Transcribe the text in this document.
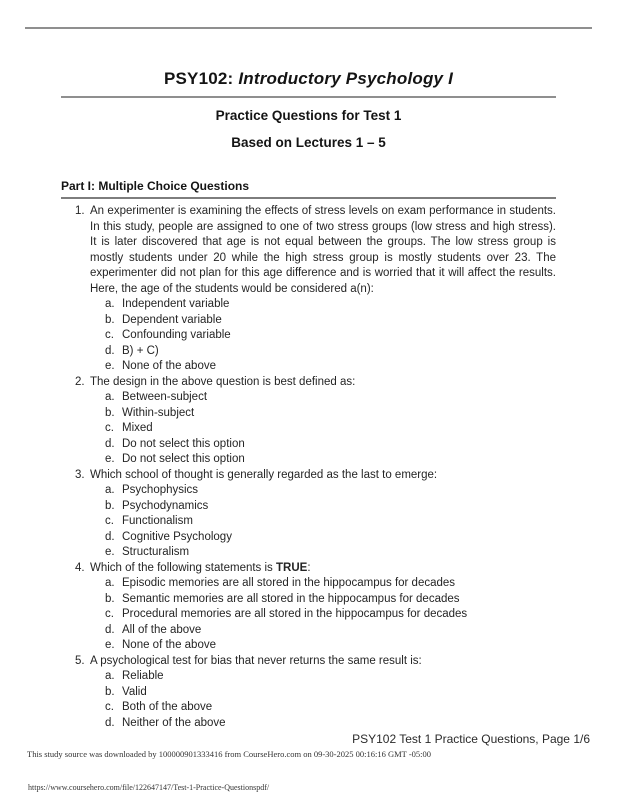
PSY102: Introductory Psychology I
Practice Questions for Test 1
Based on Lectures 1 – 5
Part I: Multiple Choice Questions
1. An experimenter is examining the effects of stress levels on exam performance in students. In this study, people are assigned to one of two stress groups (low stress and high stress). It is later discovered that age is not equal between the groups. The low stress group is mostly students under 20 while the high stress group is mostly students over 23. The experimenter did not plan for this age difference and is worried that it will affect the results. Here, the age of the students would be considered a(n):
a. Independent variable
b. Dependent variable
c. Confounding variable
d. B) + C)
e. None of the above
2. The design in the above question is best defined as:
a. Between-subject
b. Within-subject
c. Mixed
d. Do not select this option
e. Do not select this option
3. Which school of thought is generally regarded as the last to emerge:
a. Psychophysics
b. Psychodynamics
c. Functionalism
d. Cognitive Psychology
e. Structuralism
4. Which of the following statements is TRUE:
a. Episodic memories are all stored in the hippocampus for decades
b. Semantic memories are all stored in the hippocampus for decades
c. Procedural memories are all stored in the hippocampus for decades
d. All of the above
e. None of the above
5. A psychological test for bias that never returns the same result is:
a. Reliable
b. Valid
c. Both of the above
d. Neither of the above
PSY102 Test 1 Practice Questions, Page 1/6
This study source was downloaded by 100000901333416 from CourseHero.com on 09-30-2025 00:16:16 GMT -05:00
https://www.coursehero.com/file/122647147/Test-1-Practice-Questionspdf/
